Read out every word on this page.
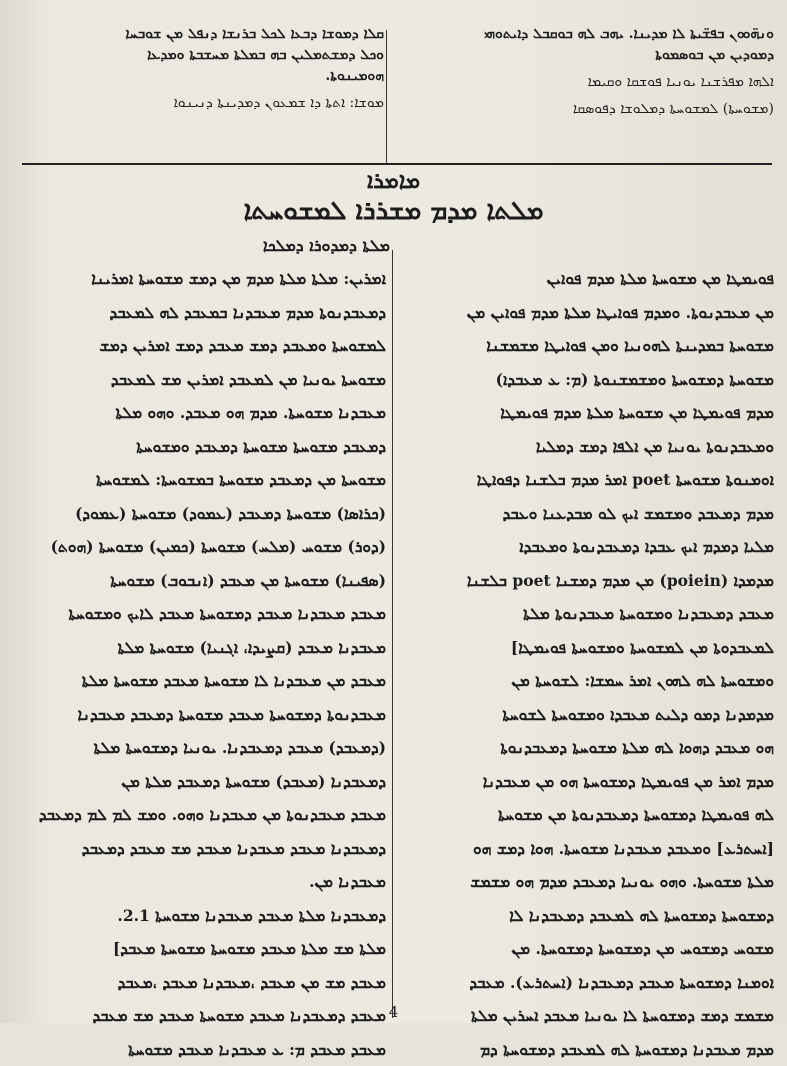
ܘܢܗ̈ܘܘܢ ܒܦܫ̈ܝܬܐ ܠܐ ܡܕܝܢܐ. ܝܗܒ ܠܗ ܒܘܩܒܠ ܕܐܝܬܘܗܝ
ܕܡܘܕܝܢ ܡܢ ܒܘܣܡܘܬܐ
ܐܠܗܐ ܡܦܪܫܢܐ ܝܘܢܝܐ ܦܘܫܩܐ ܘܩܝܡܐ
(ܡܫܘܚܬܐ) ܠܡܫܘܚܬܐ ܕܡܠܘܫܐ ܕܦܘܣܩܐ
ܩܠܐ ܕܡܘܫܐ ܕܒܥܐ ܠܟܠ ܒܪܢܫܐ ܕܢܦܠ ܡܢ ܫܘܒܚܐ
ܘܟܠ ܕܡܫܬܡܠܝܢ ܒܗ ܒܡܠܬܐ ܡܚܫܒܬܐ ܘܡܕܥܐ
ܗܘܡܝܢܘܬܐ.
ܡܘܫܐ: ܐܬܬܐ ܕܐ ܫܡܥܘܢ ܕܡܕܝܢܬܐ ܕܢܝܢܘܐ
ܡܐܡܪܐ
ܡܠܬܐ ܡܕܡ ܡܫܪܪܐ ܠܡܫܘܚܬܐ
ܡܠܬܐ ܕܡܕܘܪܐ ܕܡܠܟܐ
ܦܘܝܡܛܐ ܡܢ ܡܫܘܚܬܐ ܡܠܬܐ ܡܕܡ ܦܘܐܝܢ
ܡܢ ܡܥܒܕܢܘܬܐ. ܘܡܕܡ ܦܘܐܝܛܐ ܡܠܬܐ ܡܕܡ ܦܘܐܝܢ ܡܢ
ܡܫܘܚܬܐ ܒܡܕܝܢܬܐ ܠܗܘܢܝܐ ܘܡܢ ܦܘܐܝܛܐ ܡܫܡܫܢܐ
ܡܫܘܚܬܐ ܕܡܫܘܚܬܐ ܘܡܫܡܫܢܘܬܐ (ܡ: ܥ ܡܥܒܕܐ)
ܡܕܡ ܦܘܝܡܛܐ ܡܢ ܡܫܘܚܬܐ ܡܠܬܐ ܡܕܡ ܦܘܝܡܛܐ
ܘܡܥܒܕܢܘܬܐ ܝܘܢܝܐ ܡܢ ܐܠܦܐ ܕܡܫ ܕܡܠܝܐ
ܐܘܡܢܘܬܐ ܡܫܘܚܬܐ poet ܐܡܪ ܡܕܡ ܒܠܫܢܐ ܕܦܘܐܛܐ
ܡܕܡ ܕܡܥܒܕ ܘܡܫܡܫ ܐܝܟ ܠܘ ܡܒܕܥܢܐ ܘܥܒܕ
ܡܠܝܐ ܕܡܕܡ ܐܝܟ ܥܒܕܐ ܕܡܥܒܕܢܘܬܐ ܘܡܥܒܕܐ
ܡܕܡܕܐ (poiein) ܡܢ ܡܕܡ ܕܡܫܢܐ poet ܒܠܫܢܐ
ܡܥܒܕ ܕܡܥܒܕܢܐ ܘܡܫܘܚܬܐ ܡܥܒܕܢܘܬܐ ܡܠܬܐ
ܠܡܥܒܕܘܬܐ ܡܢ ܠܡܫܘܚܬܐ ܘܡܫܘܚܬܐ ܦܘܝܡܛܐ]
ܘܡܫܘܚܬܐ ܠܗ ܠܗܘܢ ܐܡܪ ܚܡܫܐ: ܠܫܘܚܬܐ ܡܢ
ܡܕܡܕܢܐ ܕܡܘ ܕܠܝܬ ܡܥܒܕܐ ܘܡܫܘܚܬܐ ܠܫܘܚܬܐ
ܗܘ ܡܥܒܕ ܕܗܘܐ ܠܗ ܡܠܬܐ ܡܫܘܚܬܐ ܕܡܥܒܕܢܘܬܐ
ܡܕܡ ܐܡܪ ܡܢ ܦܘܝܡܛܐ ܕܡܫܘܚܬܐ ܗܘ ܡܢ ܡܥܒܕܢܐ
ܠܗ ܦܘܝܡܛܐ ܕܡܫܘܚܬܐ ܕܡܥܒܕܢܘܬܐ ܡܢ ܡܫܘܚܬܐ
[ܐܚܬܪܥ] ܘܡܥܒܕ ܡܥܒܕܢܐ ܡܫܘܚܬܐ. ܗܘܐ ܕܡܫ ܗܘ
ܡܠܬܐ ܡܫܘܚܬܐ. ܘܗܘ ܝܘܢܝܐ ܕܡܥܒܕ ܡܕܡ ܗܘ ܡܫܡܫ
ܕܡܫܘܚܬܐ ܕܡܫܘܚܬܐ ܠܗ ܠܡܥܒܕ ܕܡܥܒܕܢܐ ܠܐ
ܡܫܘܚ ܕܡܫܘܚ ܡܢ ܕܡܫܘܚܬܐ ܕܡܫܘܚܬܐ. ܡܢ
ܐܘܡܢܐ ܕܡܫܘܚܬܐ ܡܥܒܕ ܕܡܥܒܕܢܐ (ܐܚܬܪܥ). ܡܥܒܕ
ܡܫܡܫ ܕܡܫ ܕܡܫܘܚܬܐ ܠܐ ܝܘܢܝܐ ܡܥܒܕ ܐܚܪܝܢ ܡܠܬܐ
ܡܕܡ ܡܥܒܕܢܐ ܕܡܫܘܚܬܐ ܠܗ ܠܡܥܒܕ ܕܡܫܘܚܬܐ ܕܡ
ܐܡܪܝܢ: ܡܠܬܐ ܡܠܬܐ ܡܕܡ ܡܢ ܕܡܫ ܡܫܘܚܬܐ ܐܡܪܝܢܐ
ܕܡܥܒܕܢܘܬܐ ܡܕܡ ܡܥܒܕܢܐ ܒܡܥܒܕ ܠܗ ܠܡܥܒܕ
ܠܡܫܘܚܬܐ ܘܡܥܒܕ ܕܡܫ ܡܥܒܕ ܕܡܫ ܐܡܪܝܢ ܕܡܫ
ܡܫܘܚܬܐ ܝܘܢܝܐ ܡܢ ܠܡܥܒܕ ܐܡܪܝܢ ܡܫ ܠܡܥܒܕ
ܡܥܒܕܢܐ ܡܫܘܚܬܐ. ܡܕܡ ܗܘ ܡܥܒܕ. ܘܗܘ ܡܠܬܐ
ܕܡܥܒܕ ܡܫܘܚܬܐ ܡܫܘܚܬܐ ܕܡܥܒܕ ܘܡܫܘܚܬܐ
ܡܫܘܚܬܐ ܡܢ ܕܡܥܒܕ ܡܫܘܚܬܐ ܒܡܫܘܚܬܐ: ܠܡܫܘܚܬܐ
(ܟܪܐܣܐ) ܡܫܘܚܬܐ ܕܡܥܒܕ (ܥܡܘܕ) ܡܫܘܚܬܐ (ܥܡܘܕ)
(ܕܘܪ) ܡܫܘܚ (ܡܠܚ) ܡܫܘܚܬܐ (ܟܡܝܢ) ܡܫܘܚܬܐ (ܗܘܬ)
(ܣܦܝܢܐ) ܡܫܘܚܬܐ ܡܢ ܡܥܒܕ (ܐܢܒܘܒ) ܡܫܘܚܬܐ
ܡܥܒܕ ܡܥܒܕܢܐ ܡܥܒܕ ܕܡܫܘܚܬܐ ܡܥܒܕ ܠܐܝܟ ܘܡܫܘܚܬܐ
ܡܥܒܕܢܐ ܡܥܒܕ (ܩܨܝܕܐ، ܐܓܢܝܐ) ܡܫܘܚܬܐ ܡܠܬܐ
ܡܥܒܕ ܡܢ ܡܥܒܕܢܐ ܠܐ ܡܫܘܚܬܐ ܡܥܒܕ ܡܫܘܚܬܐ ܡܠܬܐ
ܡܥܒܕܢܘܬܐ ܕܡܫܘܚܬܐ ܡܥܒܕ ܡܫܘܚܬܐ ܕܡܥܒܕ ܡܥܒܕܢܐ
(ܕܡܥܒܕ) ܡܥܒܕ ܕܡܥܒܕܢܐ. ܝܘܢܝܐ ܕܡܫܘܚܬܐ ܡܠܬܐ
ܕܡܥܒܕܢܐ (ܡܥܒܕ) ܡܫܘܚܬܐ ܕܡܥܒܕ ܡܠܬܐ ܡܢ
ܡܥܒܕ ܡܥܒܕܢܘܬܐ ܡܢ ܡܥܒܕܢܐ ܘܗܘ. ܘܡܫ ܠܡ ܠܡ ܕܡܥܒܕ
ܕܡܥܒܕܢܐ ܡܥܒܕ ܡܥܒܕܢܐ ܡܥܒܕ ܡܫ ܡܥܒܕ ܕܡܥܒܕ
ܡܥܒܕܢܐ ܡܢ.
ܕܡܥܒܕܢܐ ܡܠܬܐ ܡܥܒܕ ܡܥܒܕܢܐ ܡܫܘܚܬܐ 2.1.
ܡܠܬܐ ܡܫ ܡܠܬܐ ܡܥܒܕ ܡܫܘܚܬܐ ܡܫܘܚܬܐ ܡܥܒܕ]
ܡܥܒܕ ܡܫ ܡܢ ܡܥܒܕ ،ܡܥܒܕܢܐ ܡܥܒܕ ،ܡܥܒܕ
ܡܥܒܕ ܕܡܥܒܕܢܐ ܡܥܒܕ ܡܫܘܚܬܐ ܡܥܒܕ ܡܫ ܡܥܒܕ
ܡܥܒܕ ܡܥܒܕ ܡ: ܥ ܡܥܒܕܢܐ ܡܥܒܕ ܡܫܘܚܬܐ
4
